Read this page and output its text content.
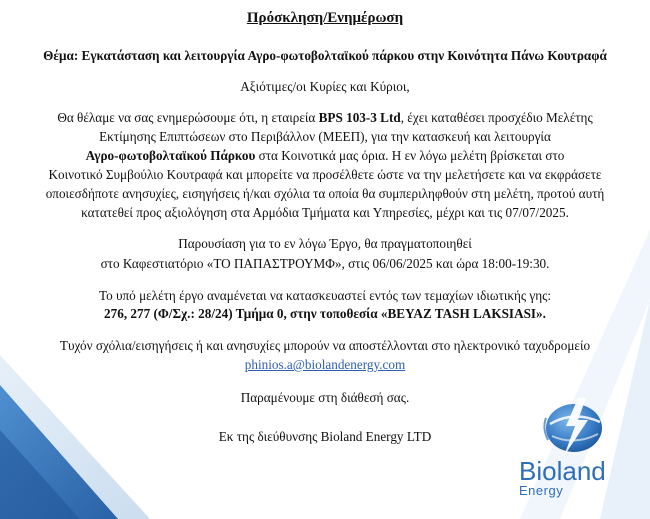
Πρόσκληση/Ενημέρωση
Θέμα: Εγκατάσταση και λειτουργία Αγρο-φωτοβολταϊκού πάρκου στην Κοινότητα Πάνω Κουτραφά
Αξιότιμες/οι Κυρίες και Κύριοι,
Θα θέλαμε να σας ενημερώσουμε ότι, η εταιρεία BPS 103-3 Ltd, έχει καταθέσει προσχέδιο Μελέτης
Εκτίμησης Επιπτώσεων στο Περιβάλλον (ΜΕΕΠ), για την κατασκευή και λειτουργία
Αγρο-φωτοβολταϊκού Πάρκου στα Κοινοτικά μας όρια. Η εν λόγω μελέτη βρίσκεται στο
Κοινοτικό Συμβούλιο Κουτραφά και μπορείτε να προσέλθετε ώστε να την μελετήσετε και να εκφράσετε
οποιεσδήποτε ανησυχίες, εισηγήσεις ή/και σχόλια τα οποία θα συμπεριληφθούν στη μελέτη, προτού αυτή
κατατεθεί προς αξιολόγηση στα Αρμόδια Τμήματα και Υπηρεσίες, μέχρι και τις 07/07/2025.
Παρουσίαση για το εν λόγω Έργο, θα πραγματοποιηθεί
στο Καφεστιατόριο «ΤΟ ΠΑΠΑΣΤΡΟΥΜΦ», στις 06/06/2025 και ώρα 18:00-19:30.
Το υπό μελέτη έργο αναμένεται να κατασκευαστεί εντός των τεμαχίων ιδιωτικής γης:
276, 277 (Φ/Σχ.: 28/24) Τμήμα 0, στην τοποθεσία «BEYAZ TASH LAKSIASI».
Τυχόν σχόλια/εισηγήσεις ή και ανησυχίες μπορούν να αποστέλλονται στο ηλεκτρονικό ταχυδρομείο
phinios.a@biolandenergy.com
Παραμένουμε στη διάθεσή σας.
Εκ της διεύθυνσης Bioland Energy LTD
Bioland
Energy
